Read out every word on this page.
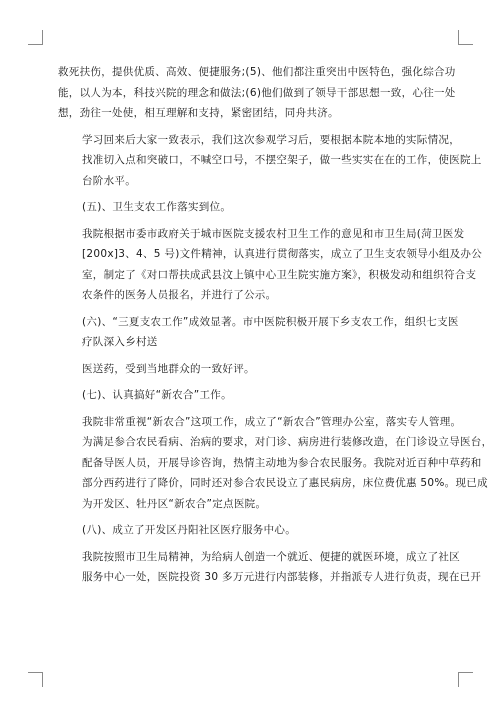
救死扶伤，提供优质、高效、便捷服务;(5)、他们都注重突出中医特色，强化综合功
能，以人为本，科技兴院的理念和做法;(6)他们做到了领导干部思想一致，心往一处
想，劲往一处使，相互理解和支持，紧密团结，同舟共济。

学习回来后大家一致表示，我们这次参观学习后，要根据本院本地的实际情况，
找准切入点和突破口，不喊空口号，不摆空架子，做一些实实在在的工作，使医院上
台阶水平。

(五)、卫生支农工作落实到位。

我院根据市委市政府关于城市医院支援农村卫生工作的意见和市卫生局(菏卫医发
[200x]3、4、5 号)文件精神，认真进行贯彻落实，成立了卫生支农领导小组及办公
室，制定了《对口帮扶成武县汶上镇中心卫生院实施方案》，积极发动和组织符合支
农条件的医务人员报名，并进行了公示。

(六)、“三夏支农工作”成效显著。市中医院积极开展下乡支农工作，组织七支医
疗队深入乡村送

医送药，受到当地群众的一致好评。

(七)、认真搞好“新农合”工作。

我院非常重视“新农合”这项工作，成立了“新农合”管理办公室，落实专人管理。
为满足参合农民看病、治病的要求，对门诊、病房进行装修改造，在门诊设立导医台，
配备导医人员，开展导诊咨询，热情主动地为参合农民服务。我院对近百种中草药和
部分西药进行了降价，同时还对参合农民设立了惠民病房，床位费优惠 50%。现已成
为开发区、牡丹区“新农合”定点医院。

(八)、成立了开发区丹阳社区医疗服务中心。

我院按照市卫生局精神，为给病人创造一个就近、便捷的就医环境，成立了社区
服务中心一处，医院投资 30 多万元进行内部装修，并指派专人进行负责，现在已开
